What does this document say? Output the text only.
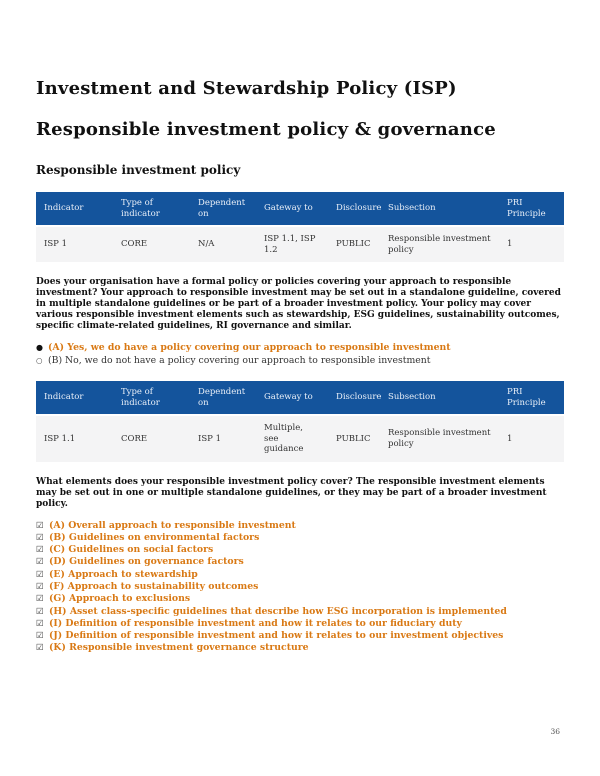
Investment and Stewardship Policy (ISP)
Responsible investment policy & governance
Responsible investment policy
Indicator	Type of indicator	Dependent on	Gateway to	Disclosure	Subsection	PRI Principle
ISP 1	CORE	N/A	ISP 1.1, ISP 1.2	PUBLIC	Responsible investment policy	1

Does your organisation have a formal policy or policies covering your approach to responsible investment? Your approach to responsible investment may be set out in a standalone guideline, covered in multiple standalone guidelines or be part of a broader investment policy. Your policy may cover various responsible investment elements such as stewardship, ESG guidelines, sustainability outcomes, specific climate-related guidelines, RI governance and similar.

● (A) Yes, we do have a policy covering our approach to responsible investment
○ (B) No, we do not have a policy covering our approach to responsible investment
Indicator	Type of indicator	Dependent on	Gateway to	Disclosure	Subsection	PRI Principle
ISP 1.1	CORE	ISP 1	Multiple, see guidance	PUBLIC	Responsible investment policy	1

What elements does your responsible investment policy cover? The responsible investment elements may be set out in one or multiple standalone guidelines, or they may be part of a broader investment policy.

☑ (A) Overall approach to responsible investment
☑ (B) Guidelines on environmental factors
☑ (C) Guidelines on social factors
☑ (D) Guidelines on governance factors
☑ (E) Approach to stewardship
☑ (F) Approach to sustainability outcomes
☑ (G) Approach to exclusions
☑ (H) Asset class-specific guidelines that describe how ESG incorporation is implemented
☑ (I) Definition of responsible investment and how it relates to our fiduciary duty
☑ (J) Definition of responsible investment and how it relates to our investment objectives
☑ (K) Responsible investment governance structure
36
